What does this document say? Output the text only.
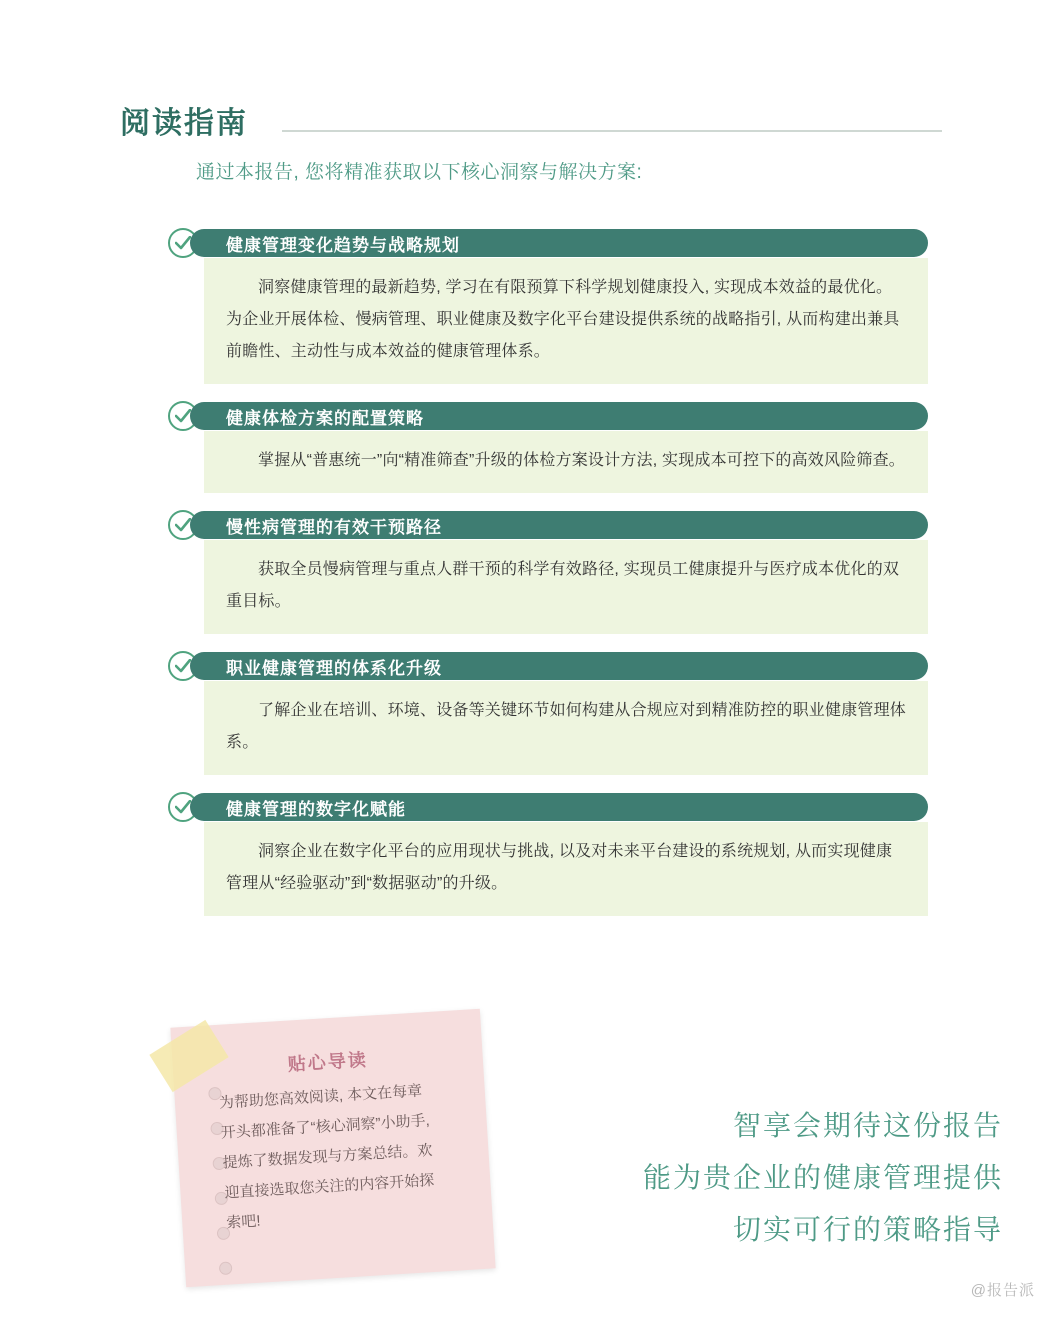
阅读指南
通过本报告, 您将精准获取以下核心洞察与解决方案:
健康管理变化趋势与战略规划

洞察健康管理的最新趋势, 学习在有限预算下科学规划健康投入, 实现成本效益的最优化。为企业开展体检、慢病管理、职业健康及数字化平台建设提供系统的战略指引, 从而构建出兼具前瞻性、主动性与成本效益的健康管理体系。

健康体检方案的配置策略

掌握从“普惠统一”向“精准筛查”升级的体检方案设计方法, 实现成本可控下的高效风险筛查。

慢性病管理的有效干预路径

获取全员慢病管理与重点人群干预的科学有效路径, 实现员工健康提升与医疗成本优化的双重目标。

职业健康管理的体系化升级

了解企业在培训、环境、设备等关键环节如何构建从合规应对到精准防控的职业健康管理体系。

健康管理的数字化赋能

洞察企业在数字化平台的应用现状与挑战, 以及对未来平台建设的系统规划, 从而实现健康管理从“经验驱动”到“数据驱动”的升级。

贴心导读
为帮助您高效阅读, 本文在每章开头都准备了“核心洞察”小助手, 提炼了数据发现与方案总结。欢迎直接选取您关注的内容开始探索吧!
智享会期待这份报告
能为贵企业的健康管理提供
切实可行的策略指导
@报告派
